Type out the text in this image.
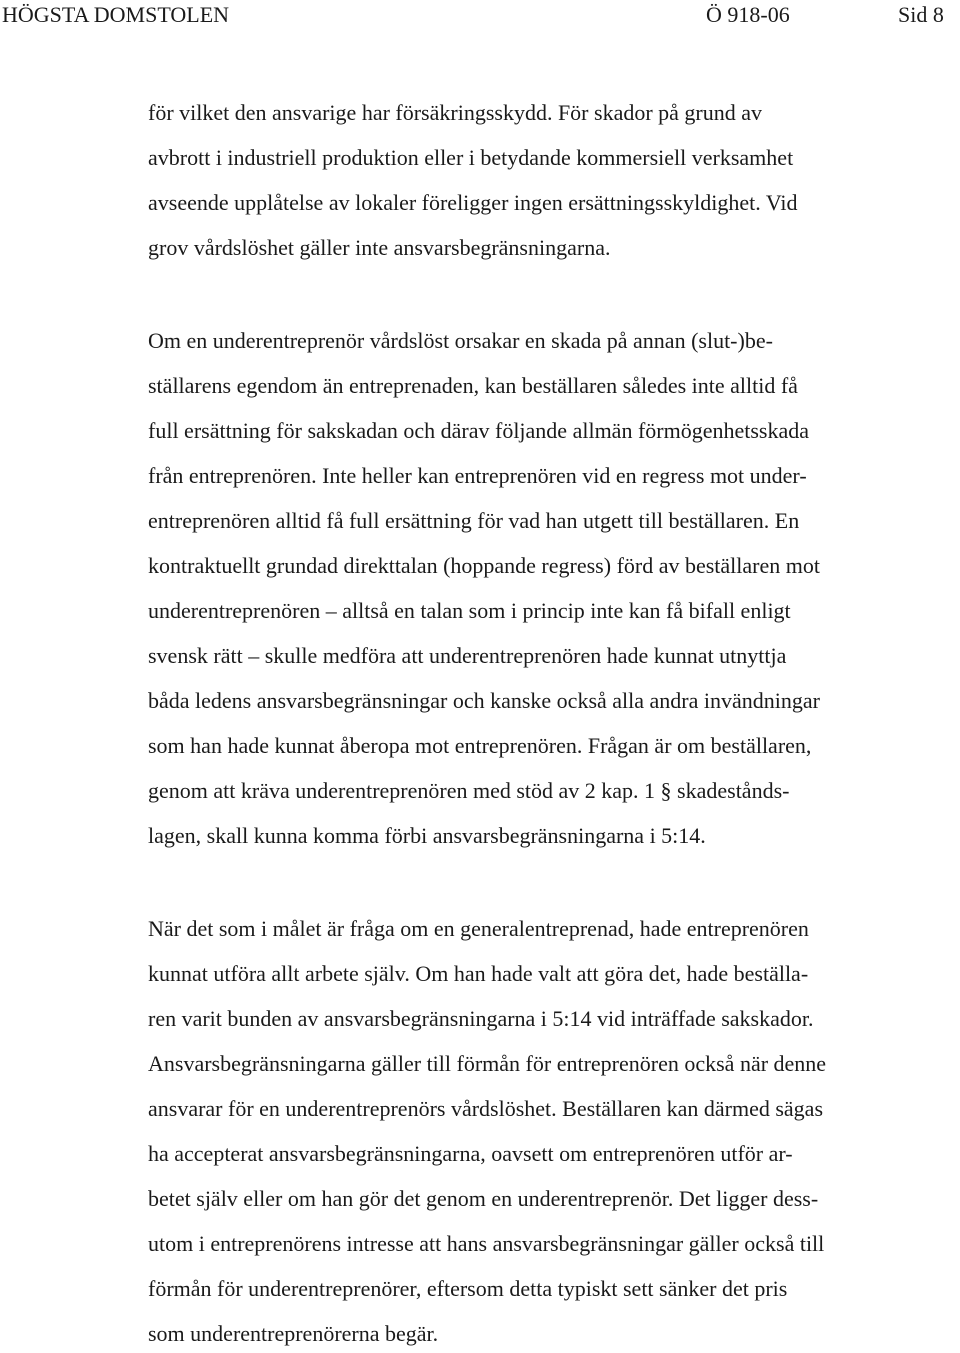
HÖGSTA DOMSTOLEN	Ö 918-06	Sid 8
för vilket den ansvarige har försäkringsskydd. För skador på grund av
avbrott i industriell produktion eller i betydande kommersiell verksamhet
avseende upplåtelse av lokaler föreligger ingen ersättningsskyldighet. Vid
grov vårdslöshet gäller inte ansvarsbegränsningarna.
Om en underentreprenör vårdslöst orsakar en skada på annan (slut-)be-
ställarens egendom än entreprenaden, kan beställaren således inte alltid få
full ersättning för sakskadan och därav följande allmän förmögenhetsskada
från entreprenören. Inte heller kan entreprenören vid en regress mot under-
entreprenören alltid få full ersättning för vad han utgett till beställaren. En
kontraktuellt grundad direkttalan (hoppande regress) förd av beställaren mot
underentreprenören – alltså en talan som i princip inte kan få bifall enligt
svensk rätt – skulle medföra att underentreprenören hade kunnat utnyttja
båda ledens ansvarsbegränsningar och kanske också alla andra invändningar
som han hade kunnat åberopa mot entreprenören. Frågan är om beställaren,
genom att kräva underentreprenören med stöd av 2 kap. 1 § skadestånds-
lagen, skall kunna komma förbi ansvarsbegränsningarna i 5:14.
När det som i målet är fråga om en generalentreprenad, hade entreprenören
kunnat utföra allt arbete själv. Om han hade valt att göra det, hade beställa-
ren varit bunden av ansvarsbegränsningarna i 5:14 vid inträffade sakskador.
Ansvarsbegränsningarna gäller till förmån för entreprenören också när denne
ansvarar för en underentreprenörs vårdslöshet. Beställaren kan därmed sägas
ha accepterat ansvarsbegränsningarna, oavsett om entreprenören utför ar-
betet själv eller om han gör det genom en underentreprenör. Det ligger dess-
utom i entreprenörens intresse att hans ansvarsbegränsningar gäller också till
förmån för underentreprenörer, eftersom detta typiskt sett sänker det pris
som underentreprenörerna begär.
